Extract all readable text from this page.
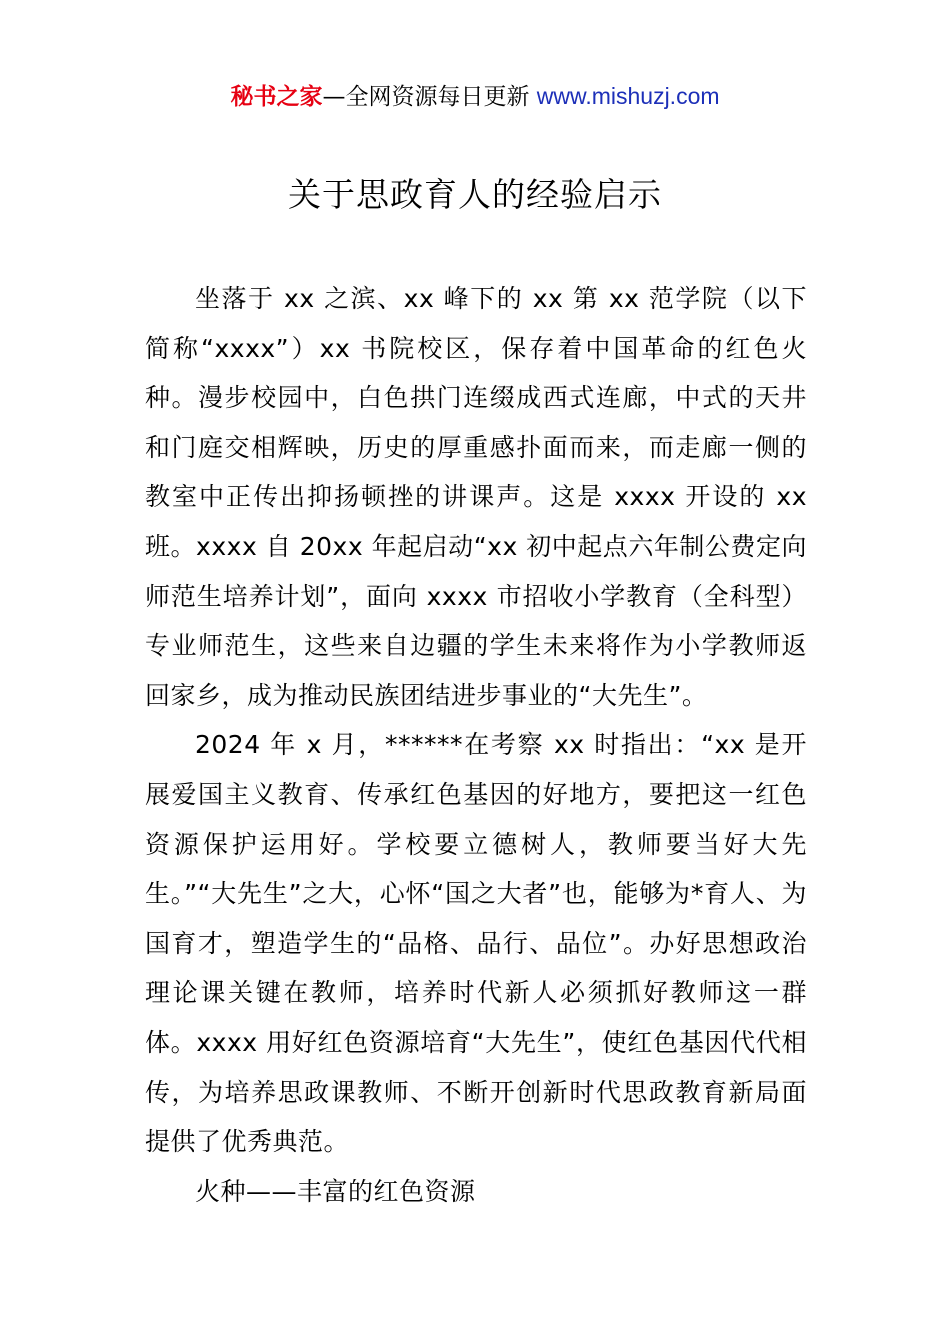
秘书之家—全网资源每日更新 www.mishuzj.com
关于思政育人的经验启示

坐落于 xx 之滨、xx 峰下的 xx 第 xx 范学院（以下简称“xxxx”）xx 书院校区，保存着中国革命的红色火种。漫步校园中，白色拱门连缀成西式连廊，中式的天井和门庭交相辉映，历史的厚重感扑面而来，而走廊一侧的教室中正传出抑扬顿挫的讲课声。这是 xxxx 开设的 xx 班。xxxx 自 20xx 年起启动“xx 初中起点六年制公费定向师范生培养计划”，面向 xxxx 市招收小学教育（全科型）专业师范生，这些来自边疆的学生未来将作为小学教师返回家乡，成为推动民族团结进步事业的“大先生”。

2024 年 x 月，******在考察 xx 时指出：“xx 是开展爱国主义教育、传承红色基因的好地方，要把这一红色资源保护运用好。学校要立德树人，教师要当好大先生。”“大先生”之大，心怀“国之大者”也，能够为*育人、为国育才，塑造学生的“品格、品行、品位”。办好思想政治理论课关键在教师，培养时代新人必须抓好教师这一群体。xxxx 用好红色资源培育“大先生”，使红色基因代代相传，为培养思政课教师、不断开创新时代思政教育新局面提供了优秀典范。

火种——丰富的红色资源
